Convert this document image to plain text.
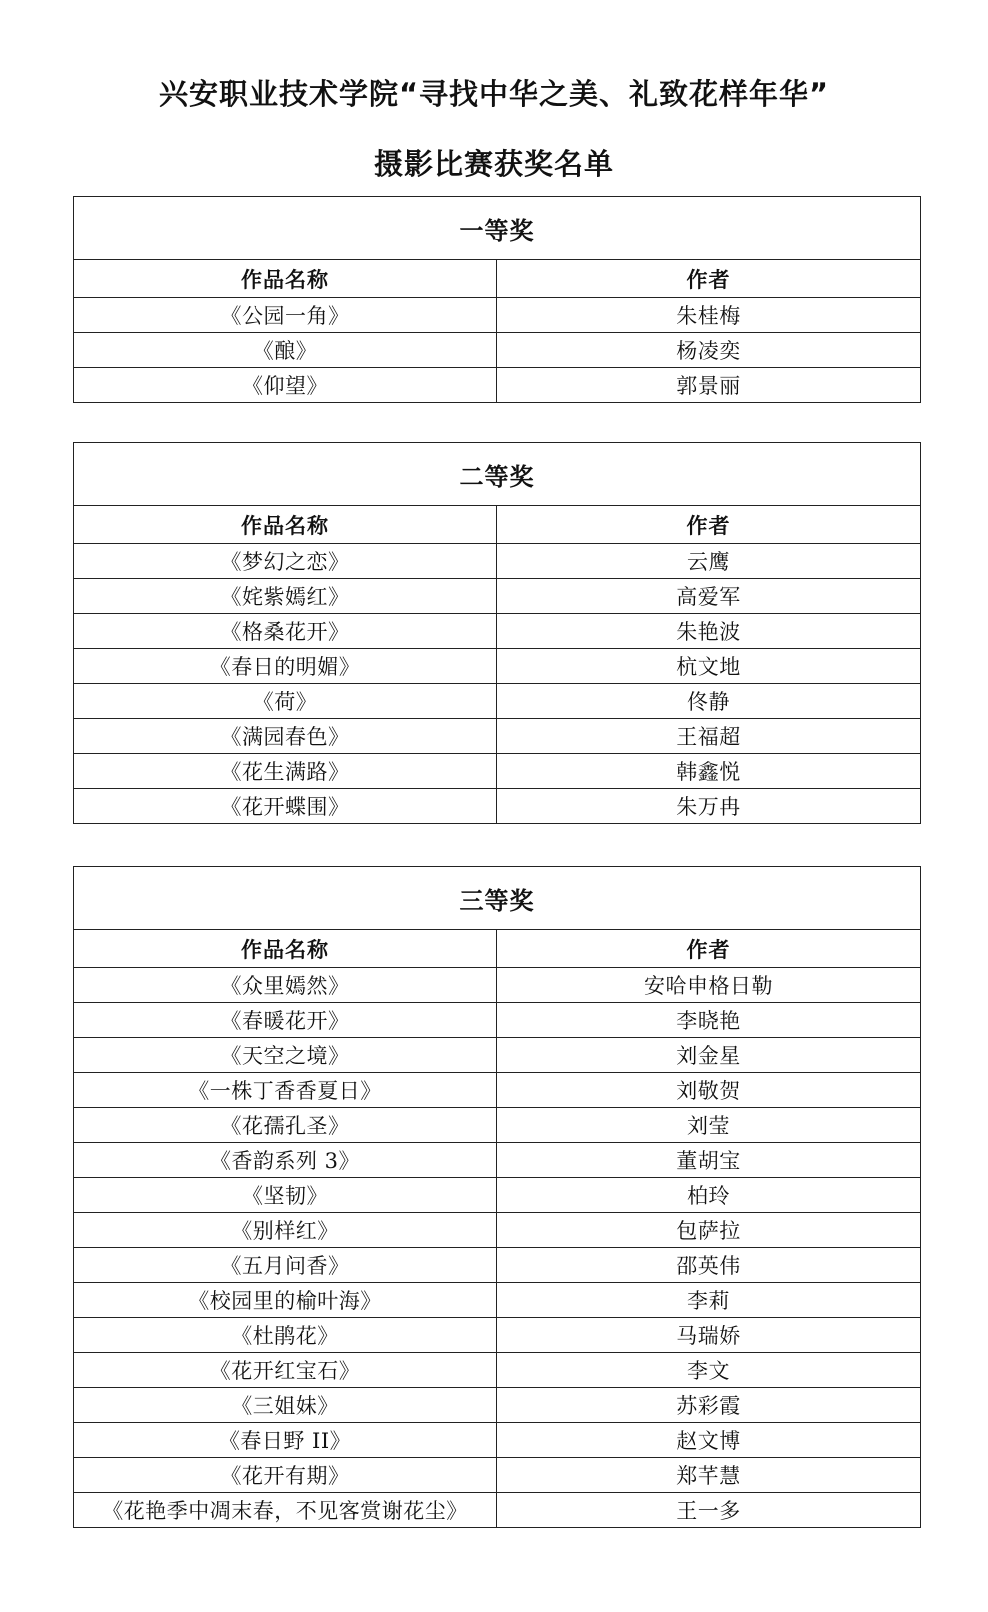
兴安职业技术学院“寻找中华之美、礼致花样年华”
摄影比赛获奖名单
一等奖	
作品名称	作者
《公园一角》	朱桂梅
《酿》	杨凌奕
《仰望》	郭景丽
二等奖	
作品名称	作者
《梦幻之恋》	云鹰
《姹紫嫣红》	高爱军
《格桑花开》	朱艳波
《春日的明媚》	杭文地
《荷》	佟静
《满园春色》	王福超
《花生满路》	韩鑫悦
《花开蝶围》	朱万冉
三等奖	
作品名称	作者
《众里嫣然》	安哈申格日勒
《春暖花开》	李晓艳
《天空之境》	刘金星
《一株丁香香夏日》	刘敬贺
《花孺孔圣》	刘莹
《香韵系列 3》	董胡宝
《坚韧》	柏玲
《别样红》	包萨拉
《五月问香》	邵英伟
《校园里的榆叶海》	李莉
《杜鹃花》	马瑞娇
《花开红宝石》	李文
《三姐妹》	苏彩霞
《春日野 II》	赵文博
《花开有期》	郑芊慧
《花艳季中凋末春，不见客赏谢花尘》	王一多
